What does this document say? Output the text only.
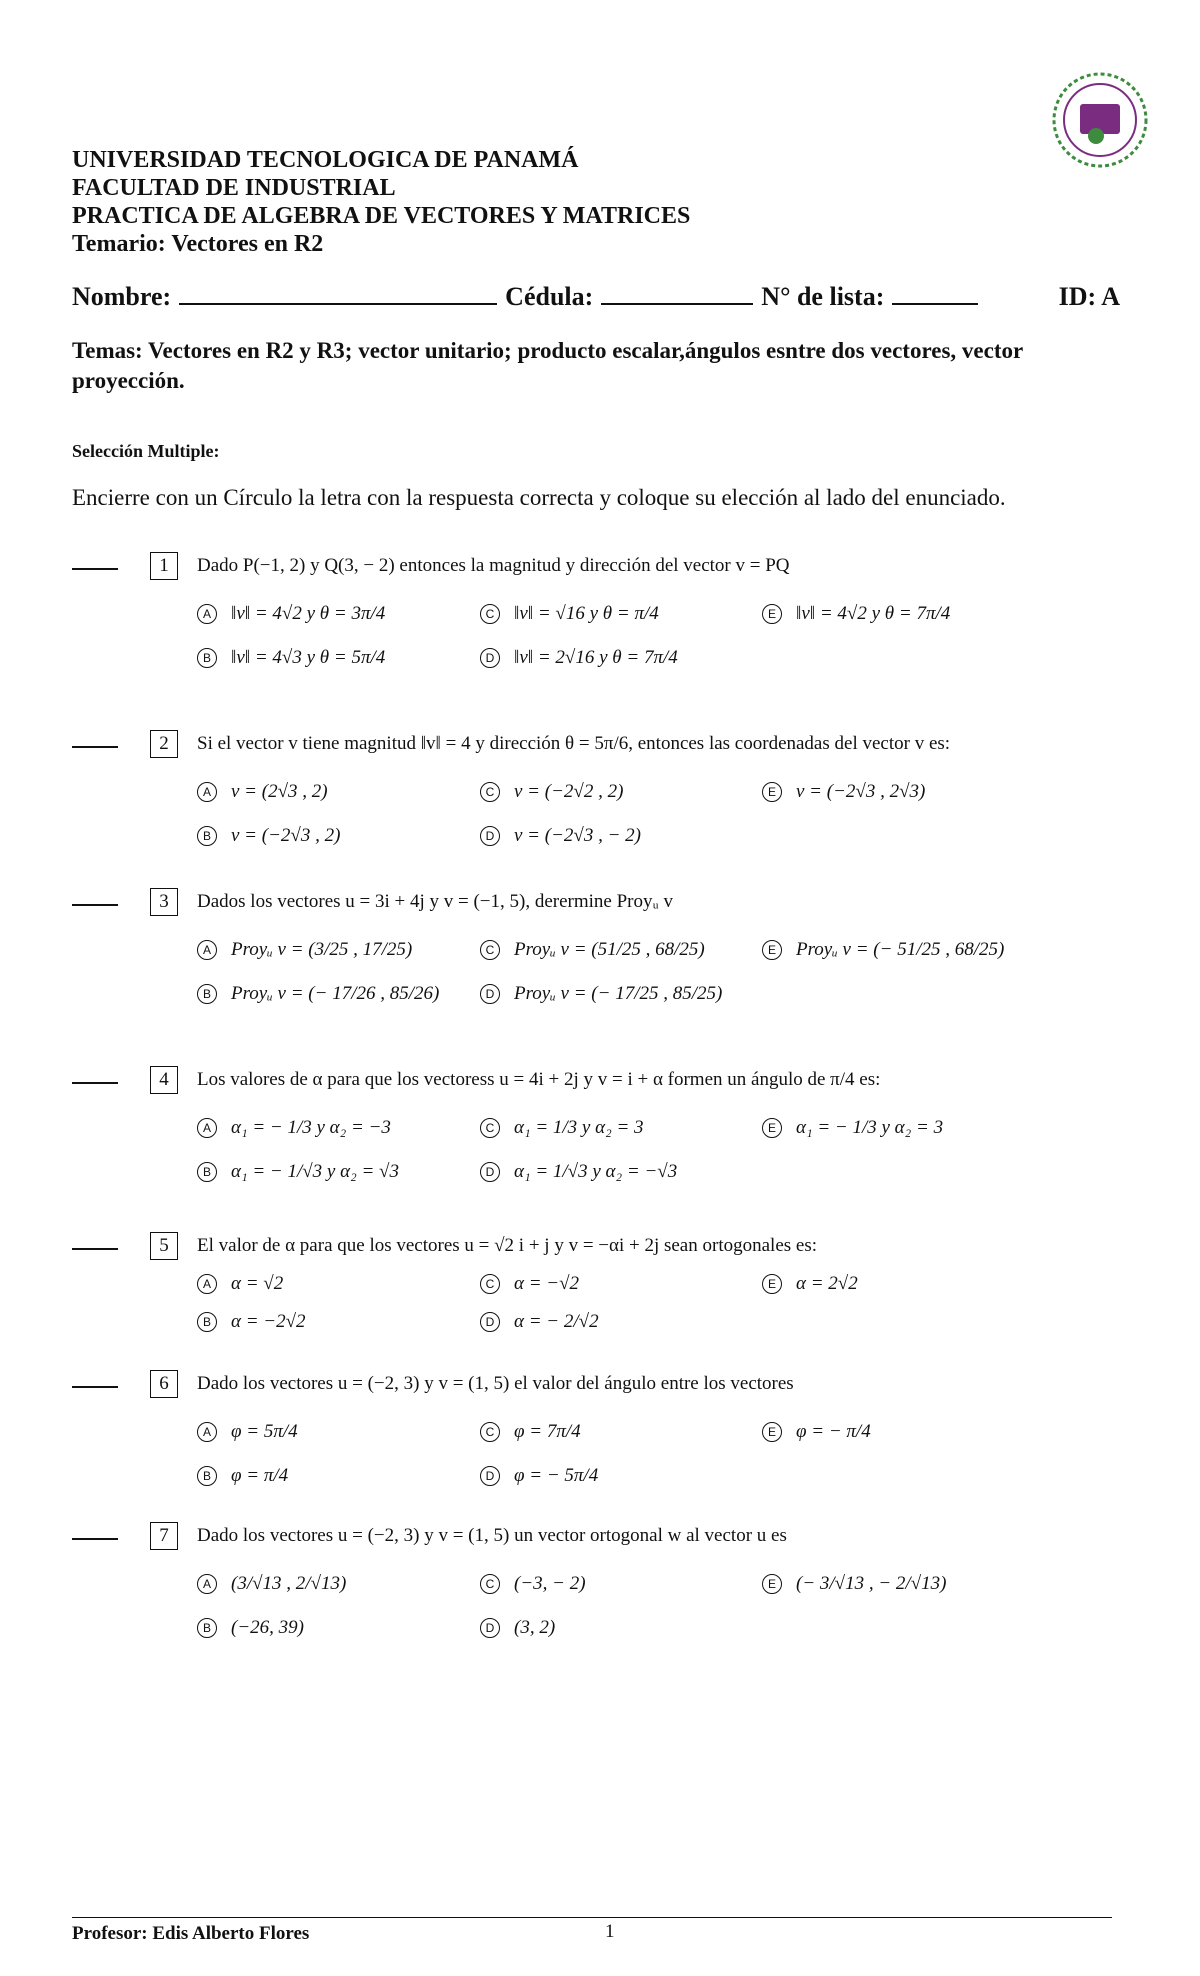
UNIVERSIDAD TECNOLOGICA DE PANAMÁ
FACULTAD DE INDUSTRIAL
PRACTICA DE ALGEBRA DE VECTORES Y MATRICES
Temario: Vectores en R2
Nombre:	Cédula:	N° de lista:	ID: A
Temas: Vectores en R2 y R3; vector unitario; producto escalar,ángulos esntre dos vectores, vector proyección.
Selección Multiple:
Encierre con un Círculo la letra con la respuesta correcta y coloque su elección al lado del enunciado.
1	Dado P(−1, 2) y Q(3, − 2) entonces la magnitud y dirección del vector v = PQ
A	‖v‖ = 4√2 y θ = 3π/4	C ‖v‖ = √16 y θ = π/4	E	‖v‖ = 4√2 y θ = 7π/4
B	‖v‖ = 4√3 y θ = 5π/4	D ‖v‖ = 2√16 y θ = 7π/4
2	Si el vector v tiene magnitud ‖v‖ = 4 y dirección θ = 5π/6, entonces las coordenadas del vector v es:
A	v = (2√3 , 2)	C v = (−2√2 , 2)	E	v = (−2√3 , 2√3)
B	v = (−2√3 , 2)	D v = (−2√3 , − 2)
3	Dados los vectores u = 3i + 4j y v = (−1, 5), derermine Proyᵤ v
A	Proyᵤ v = (3/25 , 17/25)	C Proyᵤ v = (51/25 , 68/25)	E	Proyᵤ v = (− 51/25 , 68/25)
B	Proyᵤ v = (− 17/26 , 85/26)	D Proyᵤ v = (− 17/25 , 85/25)
4	Los valores de α para que los vectoress u = 4i + 2j y v = i + α formen un ángulo de π/4 es:
A	α₁ = − 1/3 y α₂ = −3	C α₁ = 1/3 y α₂ = 3	E	α₁ = − 1/3 y α₂ = 3
B	α₁ = − 1/√3 y α₂ = √3	D α₁ = 1/√3 y α₂ = −√3
5	El valor de α para que los vectores u = √2 i + j y v = −αi + 2j sean ortogonales es:
A	α = √2	C α = −√2	E	α = 2√2
B	α = −2√2	D α = − 2/√2
6	Dado los vectores u = (−2, 3) y v = (1, 5) el valor del ángulo entre los vectores
A	φ = 5π/4	C φ = 7π/4	E	φ = − π/4
B	φ = π/4	D φ = − 5π/4
7	Dado los vectores u = (−2, 3) y v = (1, 5) un vector ortogonal w al vector u es
A	(3/√13 , 2/√13)	C (−3, − 2)	E	(− 3/√13 , − 2/√13)
B	(−26, 39)	D (3, 2)
Profesor: Edis Alberto Flores	1
